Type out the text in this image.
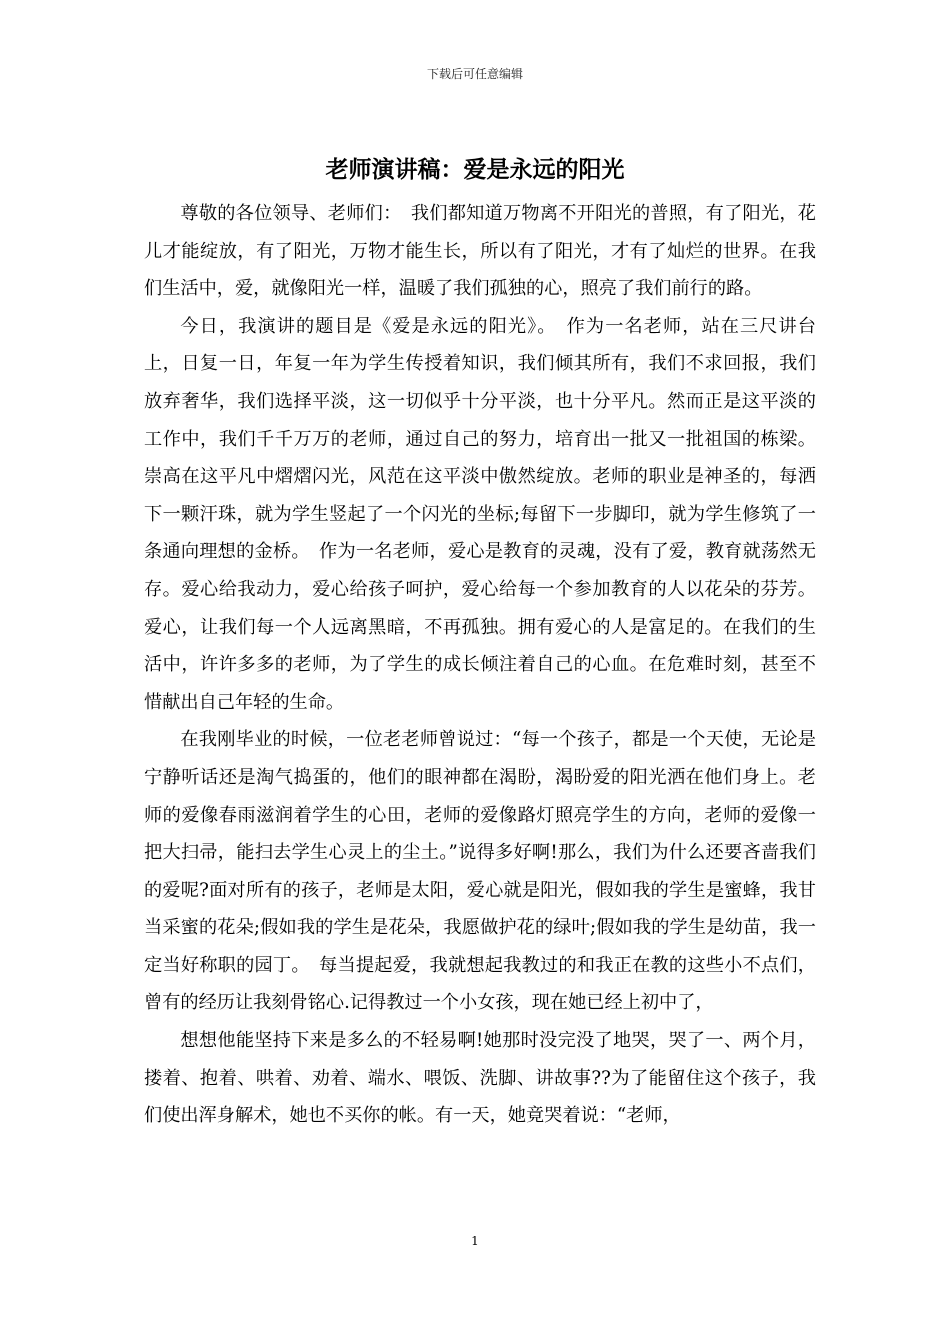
下载后可任意编辑
老师演讲稿：爱是永远的阳光

尊敬的各位领导、老师们：　我们都知道万物离不开阳光的普照，有了阳光，花儿才能绽放，有了阳光，万物才能生长，所以有了阳光，才有了灿烂的世界。在我们生活中，爱，就像阳光一样，温暖了我们孤独的心，照亮了我们前行的路。

今日，我演讲的题目是《爱是永远的阳光》。　作为一名老师，站在三尺讲台上，日复一日，年复一年为学生传授着知识，我们倾其所有，我们不求回报，我们放弃奢华，我们选择平淡，这一切似乎十分平淡，也十分平凡。然而正是这平淡的工作中，我们千千万万的老师，通过自己的努力，培育出一批又一批祖国的栋梁。崇高在这平凡中熠熠闪光，风范在这平淡中傲然绽放。老师的职业是神圣的，每洒下一颗汗珠，就为学生竖起了一个闪光的坐标;每留下一步脚印，就为学生修筑了一条通向理想的金桥。　作为一名老师，爱心是教育的灵魂，没有了爱，教育就荡然无存。爱心给我动力，爱心给孩子呵护，爱心给每一个参加教育的人以花朵的芬芳。爱心，让我们每一个人远离黑暗，不再孤独。拥有爱心的人是富足的。在我们的生活中，许许多多的老师，为了学生的成长倾注着自己的心血。在危难时刻，甚至不惜献出自己年轻的生命。

在我刚毕业的时候，一位老老师曾说过：“每一个孩子，都是一个天使，无论是宁静听话还是淘气捣蛋的，他们的眼神都在渴盼，渴盼爱的阳光洒在他们身上。老师的爱像春雨滋润着学生的心田，老师的爱像路灯照亮学生的方向，老师的爱像一把大扫帚，能扫去学生心灵上的尘土。”说得多好啊!那么，我们为什么还要吝啬我们的爱呢?面对所有的孩子，老师是太阳，爱心就是阳光，假如我的学生是蜜蜂，我甘当采蜜的花朵;假如我的学生是花朵，我愿做护花的绿叶;假如我的学生是幼苗，我一定当好称职的园丁。　每当提起爱，我就想起我教过的和我正在教的这些小不点们，曾有的经历让我刻骨铭心.记得教过一个小女孩，现在她已经上初中了，

想想他能坚持下来是多么的不轻易啊!她那时没完没了地哭，哭了一、两个月，搂着、抱着、哄着、劝着、端水、喂饭、洗脚、讲故事??为了能留住这个孩子，我们使出浑身解术，她也不买你的帐。有一天，她竟哭着说：“老师，

1
